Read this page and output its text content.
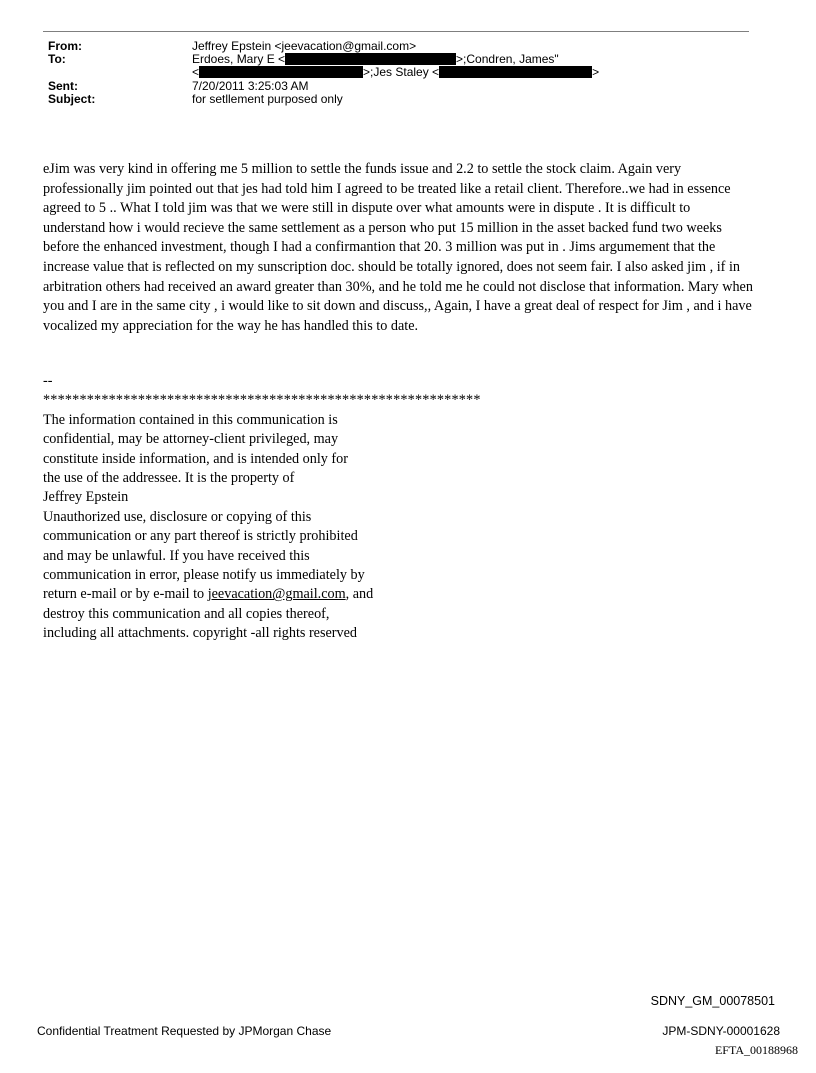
From:	Jeffrey Epstein <jeevacation@gmail.com>
To:	Erdoes, Mary E <	>;Condren, James"
<	>;Jes Staley <	>
Sent:	7/20/2011 3:25:03 AM
Subject:	for setllement purposed only

eJim was very kind in offering me 5 million to settle the funds issue and 2.2 to settle the stock claim. Again very professionally jim pointed out that jes had told him I agreed to be treated like a retail client. Therefore..we had in essence agreed to 5 .. What I told jim was that we were still in dispute over what amounts were in dispute . It is difficult to understand how i would recieve the same settlement as a person who put 15 million in the asset backed fund two weeks before the enhanced investment, though I had a confirmantion that 20. 3 million was put in . Jims argumement that the increase value that is reflected on my sunscription doc. should be totally ignored, does not seem fair. I also asked jim , if in arbitration others had received an award greater than 30%, and he told me he could not disclose that information. Mary when you and I are in the same city , i would like to sit down and discuss,, Again, I have a great deal of respect for Jim , and i have vocalized my appreciation for the way he has handled this to date.

--
************************************************************
The information contained in this communication is
confidential, may be attorney-client privileged, may
constitute inside information, and is intended only for
the use of the addressee. It is the property of
Jeffrey Epstein
Unauthorized use, disclosure or copying of this
communication or any part thereof is strictly prohibited
and may be unlawful. If you have received this
communication in error, please notify us immediately by
return e-mail or by e-mail to jeevacation@gmail.com, and
destroy this communication and all copies thereof,
including all attachments. copyright -all rights reserved
SDNY_GM_00078501
Confidential Treatment Requested by JPMorgan Chase	JPM-SDNY-00001628
EFTA_00188968
